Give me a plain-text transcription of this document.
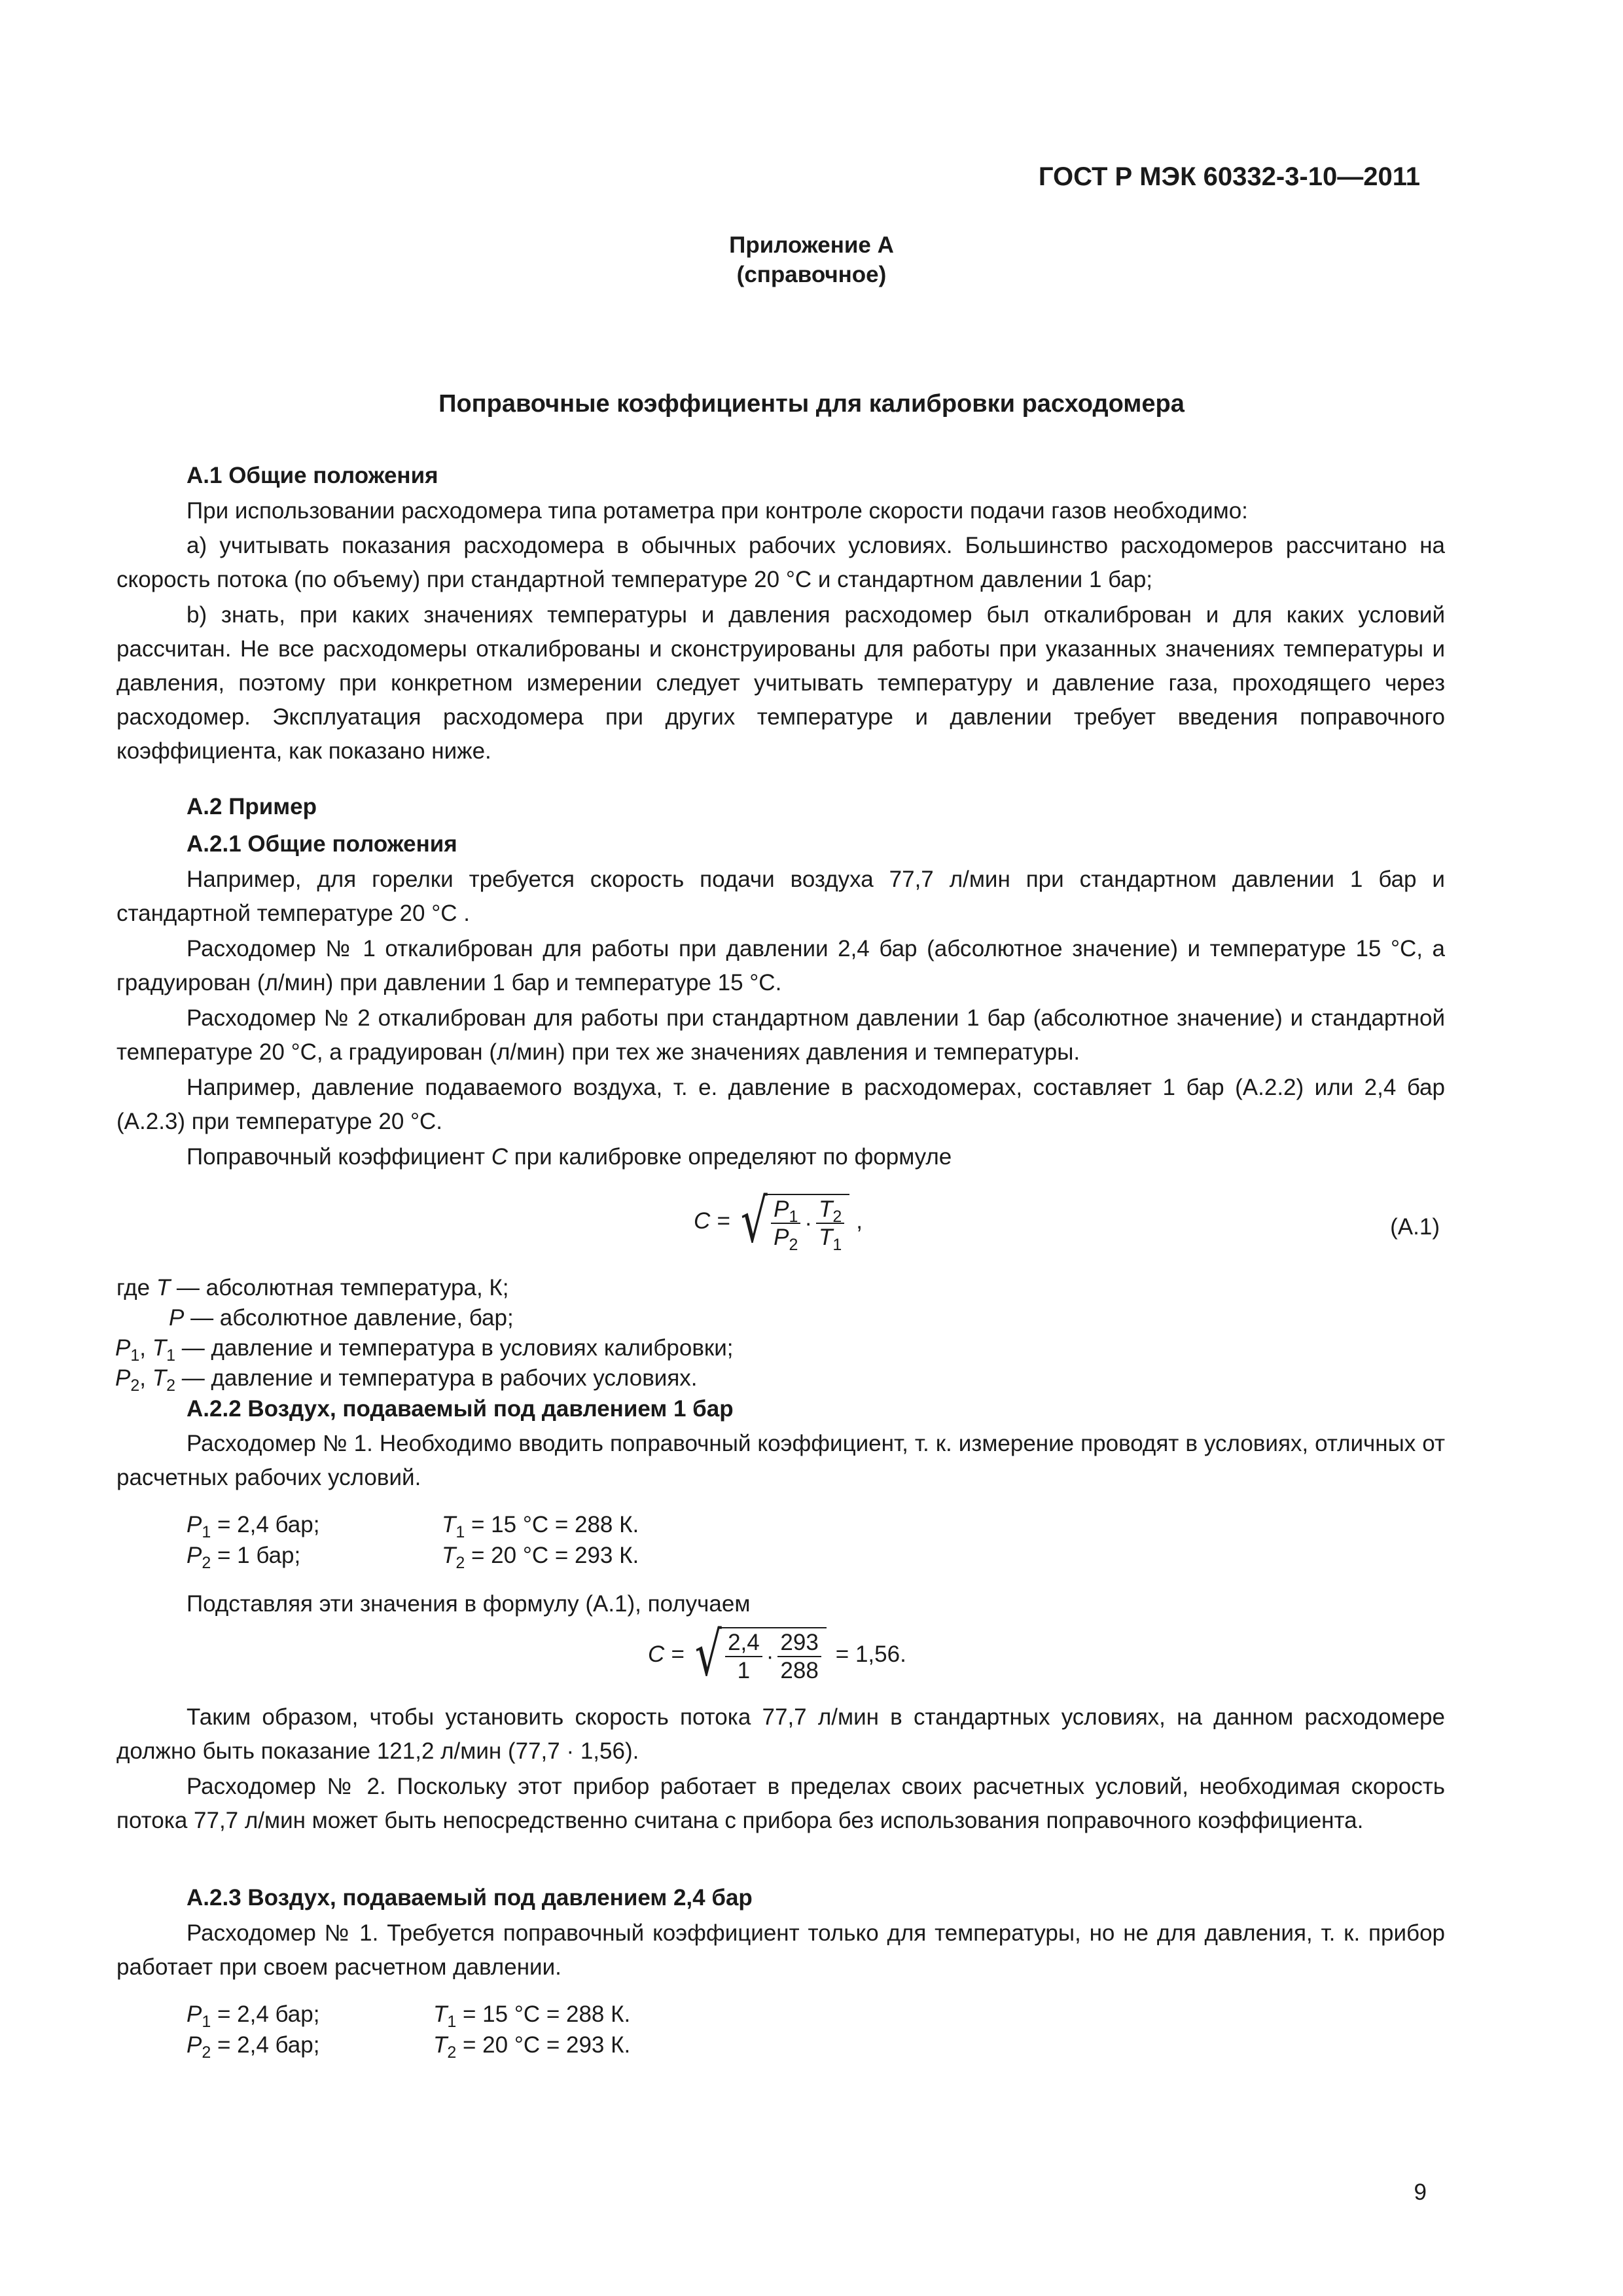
ГОСТ Р МЭК 60332-3-10—2011
Приложение А
(справочное)
Поправочные коэффициенты для калибровки расходомера
А.1 Общие положения

При использовании расходомера типа ротаметра при контроле скорости подачи газов необходимо:

а) учитывать показания расходомера в обычных рабочих условиях. Большинство расходомеров рассчитано на скорость потока (по объему) при стандартной температуре 20 °С и стандартном давлении 1 бар;

b) знать, при каких значениях температуры и давления расходомер был откалиброван и для каких условий рассчитан. Не все расходомеры откалиброваны и сконструированы для работы при указанных значениях температуры и давления, поэтому при конкретном измерении следует учитывать температуру и давление газа, проходящего через расходомер. Эксплуатация расходомера при других температуре и давлении требует введения поправочного коэффициента, как показано ниже.

А.2 Пример
А.2.1 Общие положения

Например, для горелки требуется скорость подачи воздуха 77,7 л/мин при стандартном давлении 1 бар и стандартной температуре 20 °С .

Расходомер № 1 откалиброван для работы при давлении 2,4 бар (абсолютное значение) и температуре 15 °С, а градуирован (л/мин) при давлении 1 бар и температуре 15 °С.

Расходомер № 2 откалиброван для работы при стандартном давлении 1 бар (абсолютное значение) и стандартной температуре 20 °С, а градуирован (л/мин) при тех же значениях давления и температуры.

Например, давление подаваемого воздуха, т. е. давление в расходомерах, составляет 1 бар (А.2.2) или 2,4 бар (А.2.3) при температуре 20 °С.

Поправочный коэффициент C при калибровке определяют по формуле

C = √ $\frac{P_1}{P_2} \cdot \frac{T_2}{T_1}$ ,	(А.1)
где T — абсолютная температура, К;
P — абсолютное давление, бар;
$P_1$, $T_1$ — давление и температура в условиях калибровки;
$P_2$, $T_2$ — давление и температура в рабочих условиях.
А.2.2 Воздух, подаваемый под давлением 1 бар

Расходомер № 1. Необходимо вводить поправочный коэффициент, т. к. измерение проводят в условиях, отличных от расчетных рабочих условий.

$P_1 = 2,4$ бар;	$T_1 = 15$ °С = 288 К.
$P_2 = 1$ бар;	$T_2 = 20$ °С = 293 К.

Подставляя эти значения в формулу (А.1), получаем

C = √ $\frac{2,4}{1} \cdot \frac{293}{288} = 1,56$.

Таким образом, чтобы установить скорость потока 77,7 л/мин в стандартных условиях, на данном расходомере должно быть показание 121,2 л/мин (77,7 · 1,56).

Расходомер № 2. Поскольку этот прибор работает в пределах своих расчетных условий, необходимая скорость потока 77,7 л/мин может быть непосредственно считана с прибора без использования поправочного коэффициента.

А.2.3 Воздух, подаваемый под давлением 2,4 бар

Расходомер № 1. Требуется поправочный коэффициент только для температуры, но не для давления, т. к. прибор работает при своем расчетном давлении.

$P_1 = 2,4$ бар;	$T_1 = 15$ °С = 288 К.
$P_2 = 2,4$ бар;	$T_2 = 20$ °С = 293 К.
9
